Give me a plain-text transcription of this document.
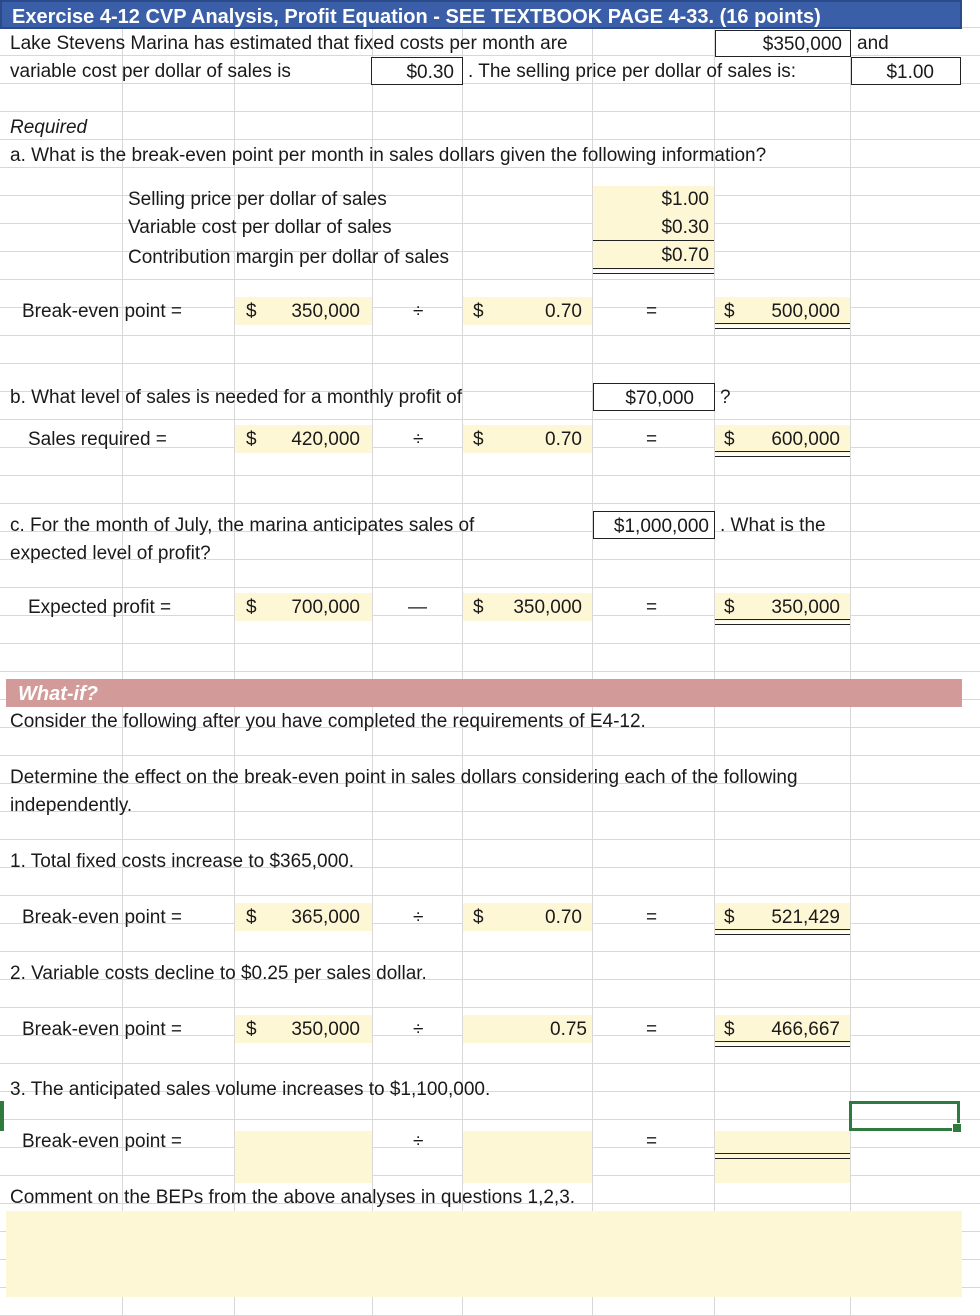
Exercise 4-12 CVP Analysis, Profit Equation - SEE TEXTBOOK PAGE 4-33. (16 points)
Lake Stevens Marina has estimated that fixed costs per month are	$350,000 and
variable cost per dollar of sales is	$0.30 . The selling price per dollar of sales is:	$1.00
Required
a. What is the break-even point per month in sales dollars given the following information?
Selling price per dollar of sales	$1.00
Variable cost per dollar of sales	$0.30
Contribution margin per dollar of sales	$0.70
Break-even point =	$	350,000	÷	$	0.70	=	$	500,000
b. What level of sales is needed for a monthly profit of	$70,000	?
Sales required =	$	420,000	÷	$	0.70	=	$	600,000
c. For the month of July, the marina anticipates sales of	$1,000,000 . What is the
expected level of profit?
Expected profit =	$	700,000	— $	350,000	=	$	350,000
What-if?
Consider the following after you have completed the requirements of E4-12.
Determine the effect on the break-even point in sales dollars considering each of the following
independently.
1. Total fixed costs increase to $365,000.
Break-even point =	$	365,000	÷	$	0.70	=	$	521,429
2. Variable costs decline to $0.25 per sales dollar.
Break-even point =	$	350,000	÷	0.75	=	$	466,667
3. The anticipated sales volume increases to $1,100,000.
Break-even point =	÷	=
Comment on the BEPs from the above analyses in questions 1,2,3.
